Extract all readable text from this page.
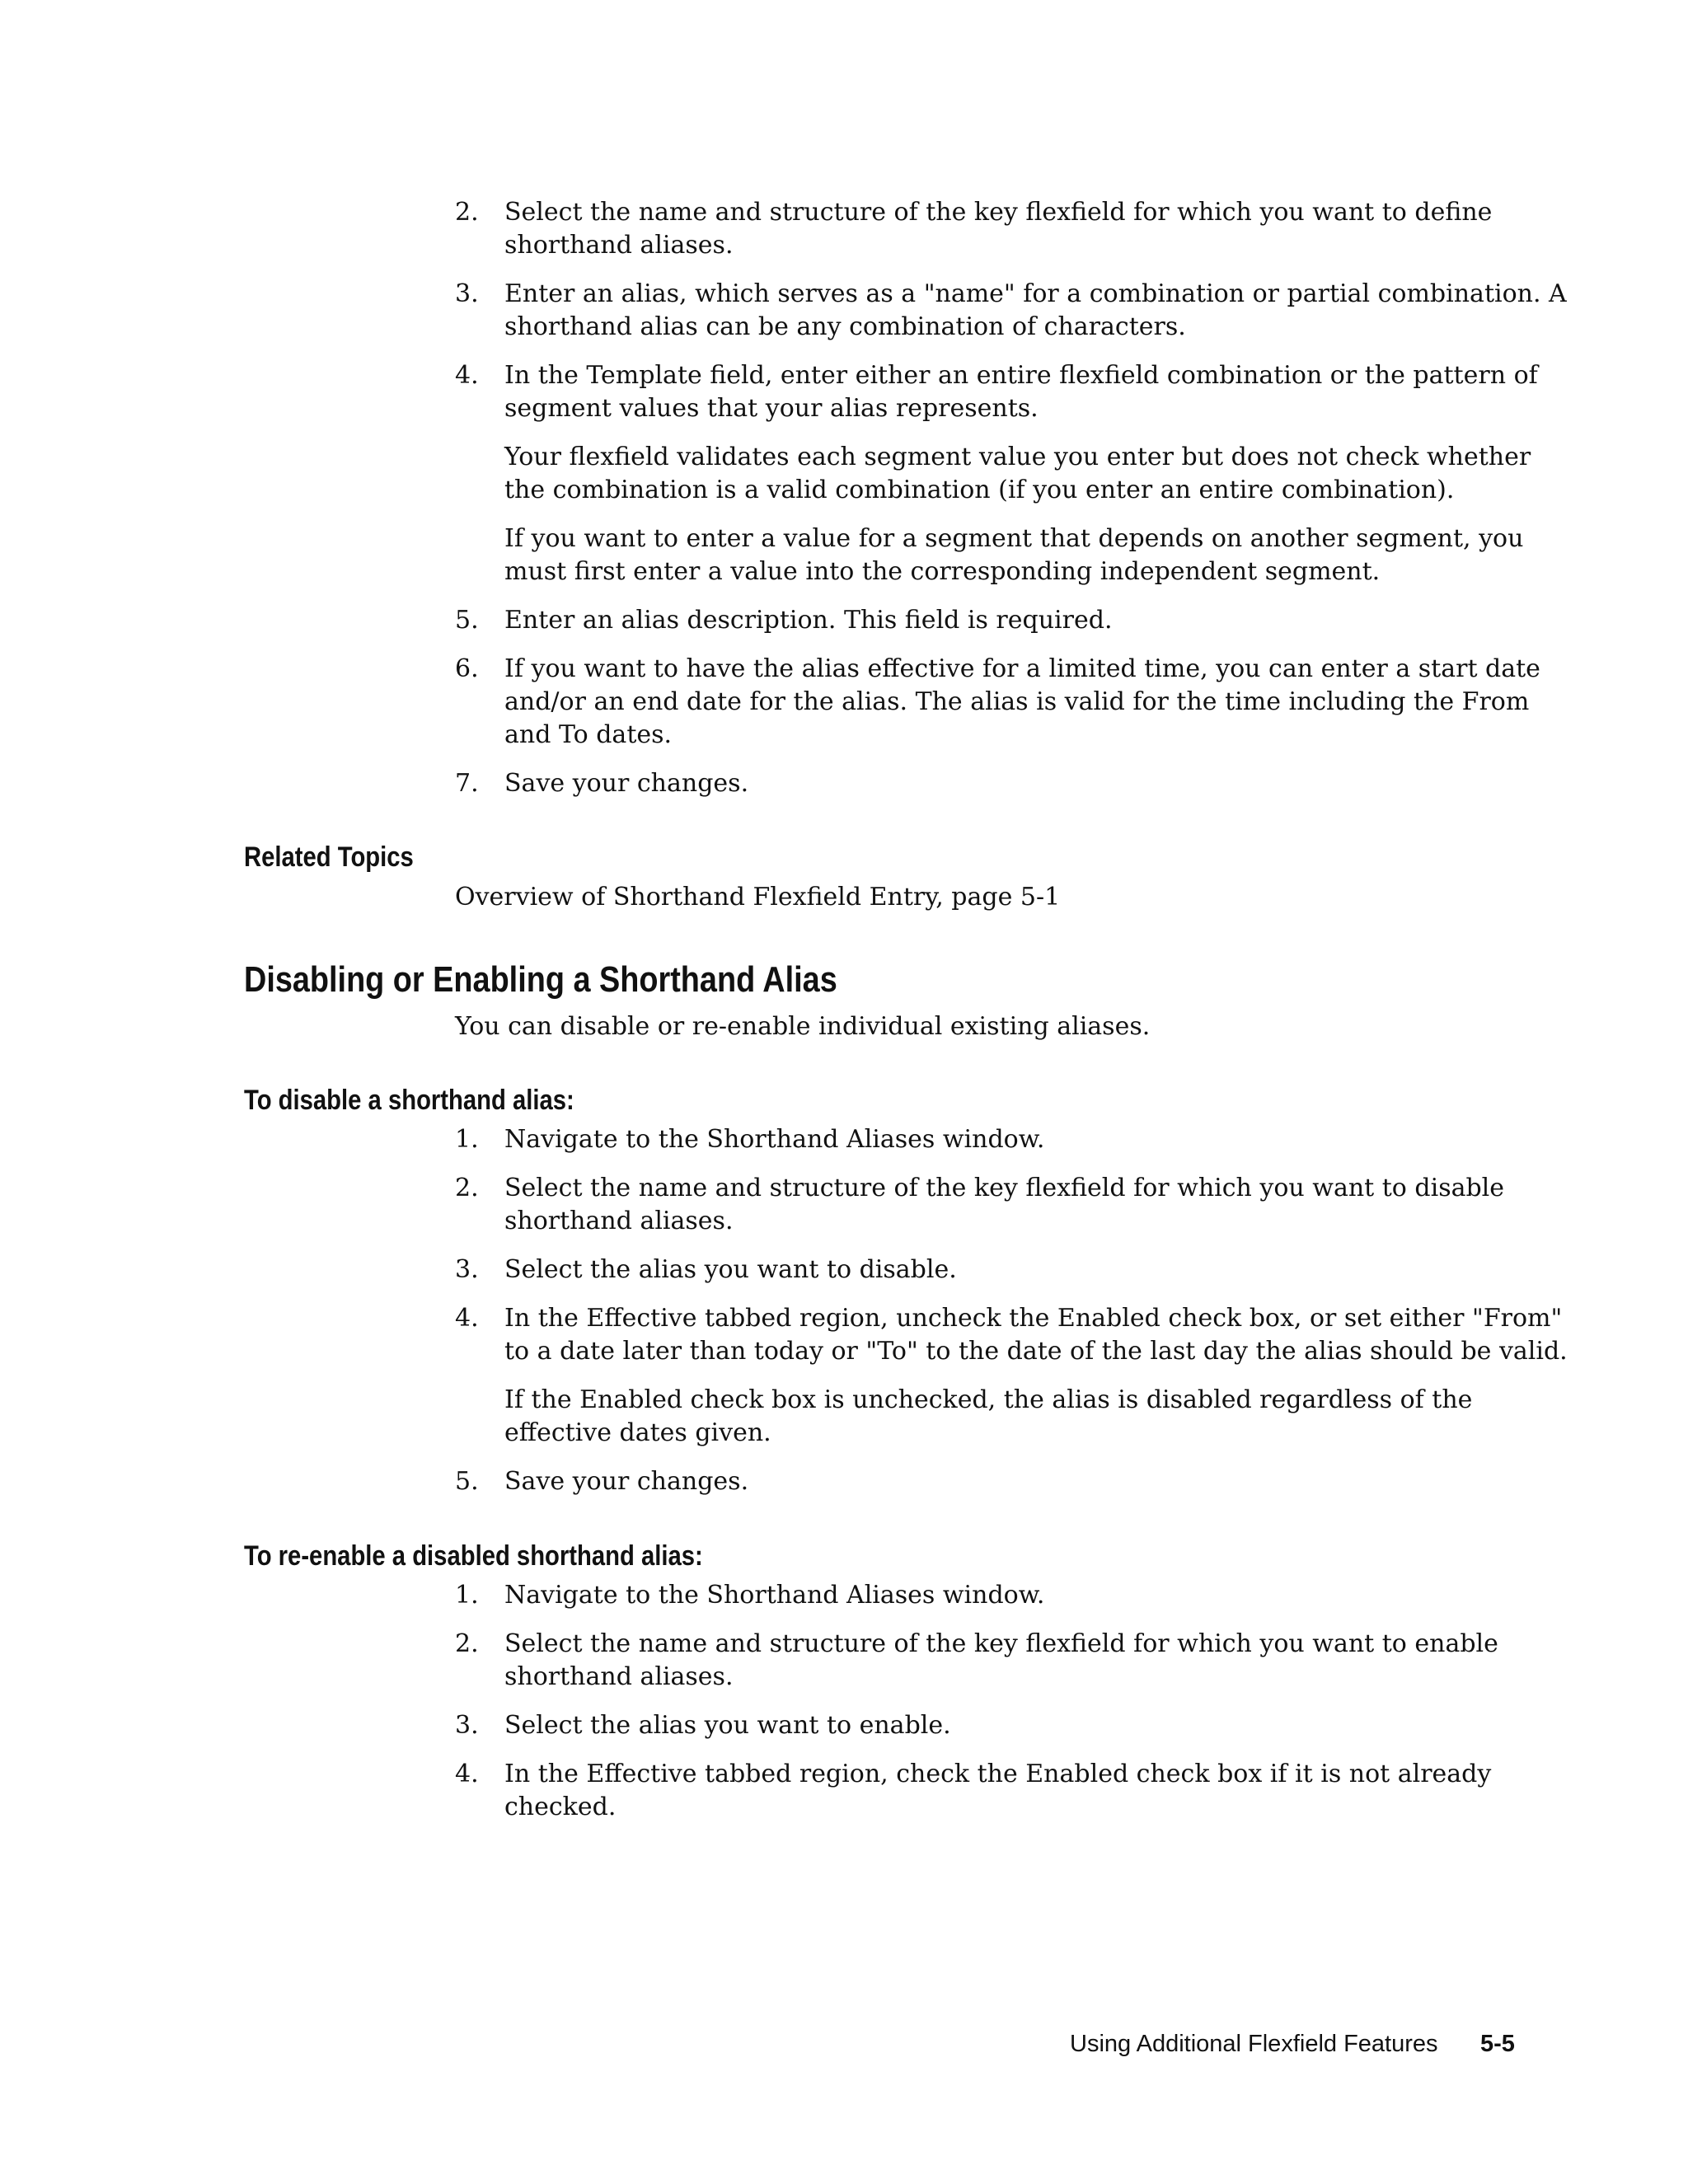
2.	Select the name and structure of the key flexfield for which you want to define shorthand aliases.
3.	Enter an alias, which serves as a "name" for a combination or partial combination. A shorthand alias can be any combination of characters.
4.	In the Template field, enter either an entire flexfield combination or the pattern of segment values that your alias represents.
Your flexfield validates each segment value you enter but does not check whether the combination is a valid combination (if you enter an entire combination).
If you want to enter a value for a segment that depends on another segment, you must first enter a value into the corresponding independent segment.
5.	Enter an alias description. This field is required.
6.	If you want to have the alias effective for a limited time, you can enter a start date and/or an end date for the alias. The alias is valid for the time including the From and To dates.
7.	Save your changes.
Related Topics
Overview of Shorthand Flexfield Entry, page 5-1
Disabling or Enabling a Shorthand Alias
You can disable or re-enable individual existing aliases.
To disable a shorthand alias:
1.	Navigate to the Shorthand Aliases window.
2.	Select the name and structure of the key flexfield for which you want to disable shorthand aliases.
3.	Select the alias you want to disable.
4.	In the Effective tabbed region, uncheck the Enabled check box, or set either "From" to a date later than today or "To" to the date of the last day the alias should be valid.
If the Enabled check box is unchecked, the alias is disabled regardless of the effective dates given.
5.	Save your changes.
To re-enable a disabled shorthand alias:
1.	Navigate to the Shorthand Aliases window.
2.	Select the name and structure of the key flexfield for which you want to enable shorthand aliases.
3.	Select the alias you want to enable.
4.	In the Effective tabbed region, check the Enabled check box if it is not already checked.
Using Additional Flexfield Features 5-5
